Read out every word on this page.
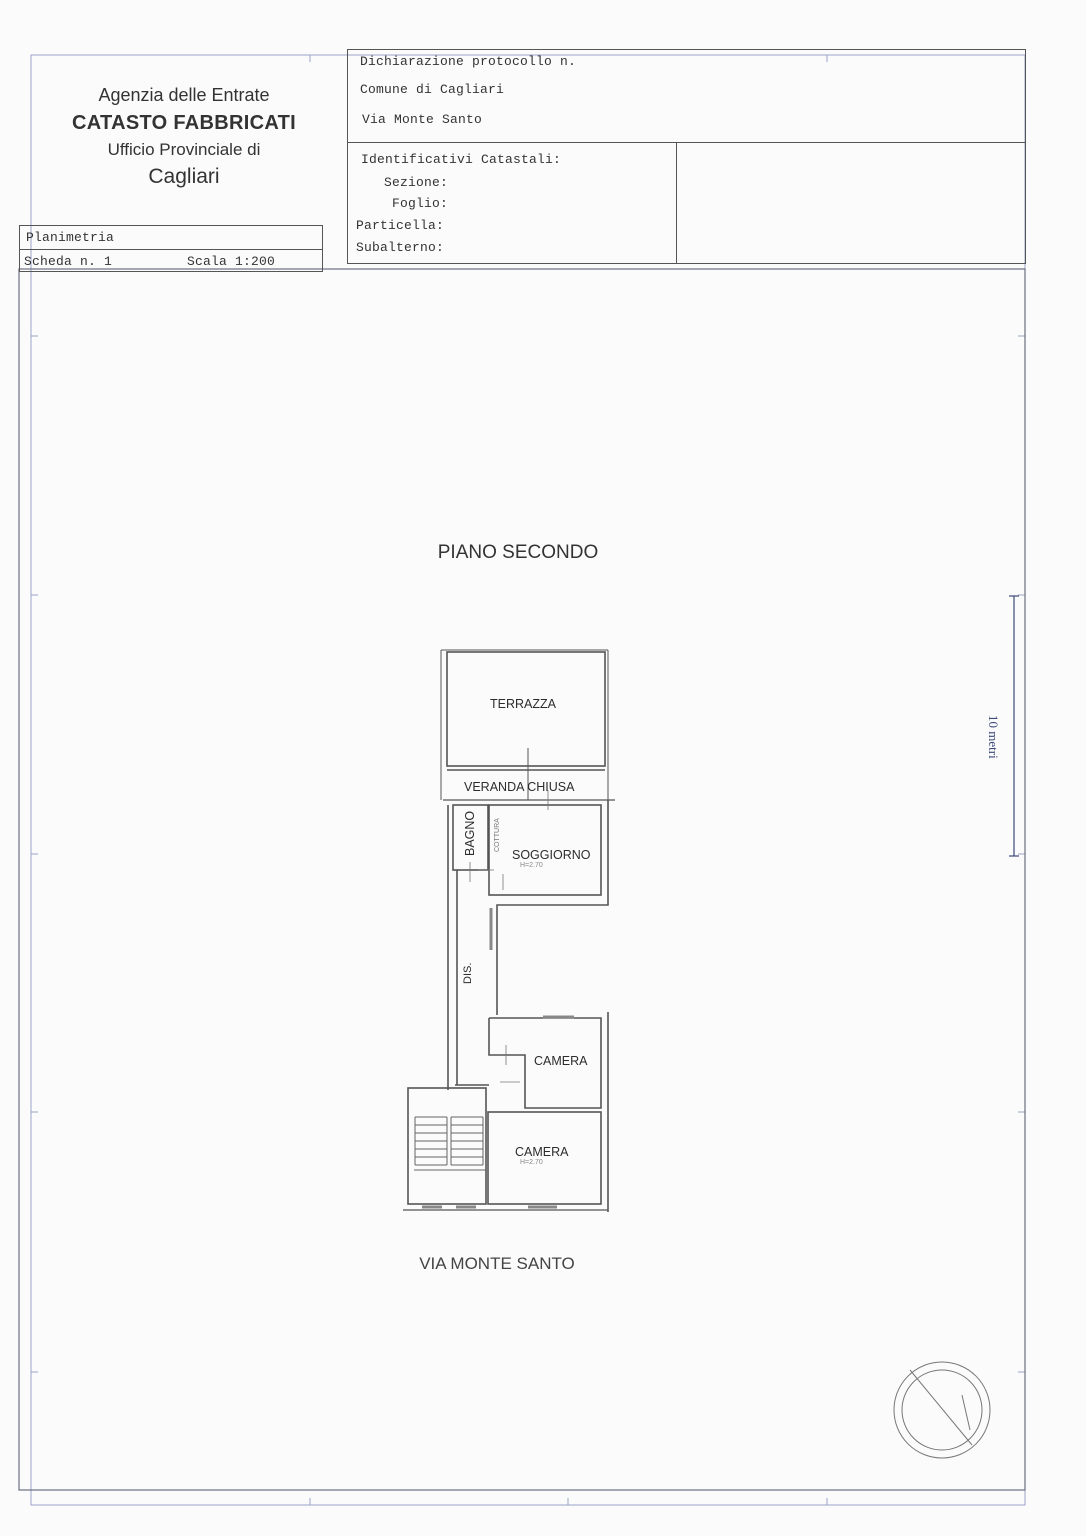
Agenzia delle Entrate
CATASTO FABBRICATI
Ufficio Provinciale di
Cagliari
Planimetria
Scheda n. 1	Scala 1:200
Dichiarazione protocollo n.
Comune di Cagliari
Via Monte Santo
Identificativi Catastali:
Sezione:
Foglio:
Particella:
Subalterno:
PIANO SECONDO
VIA MONTE SANTO
10 metri
TERRAZZA
VERANDA CHIUSA
BAGNO COTTURA
SOGGIORNO
H=2.70
DIS.
CAMERA
CAMERA
H=2.70
